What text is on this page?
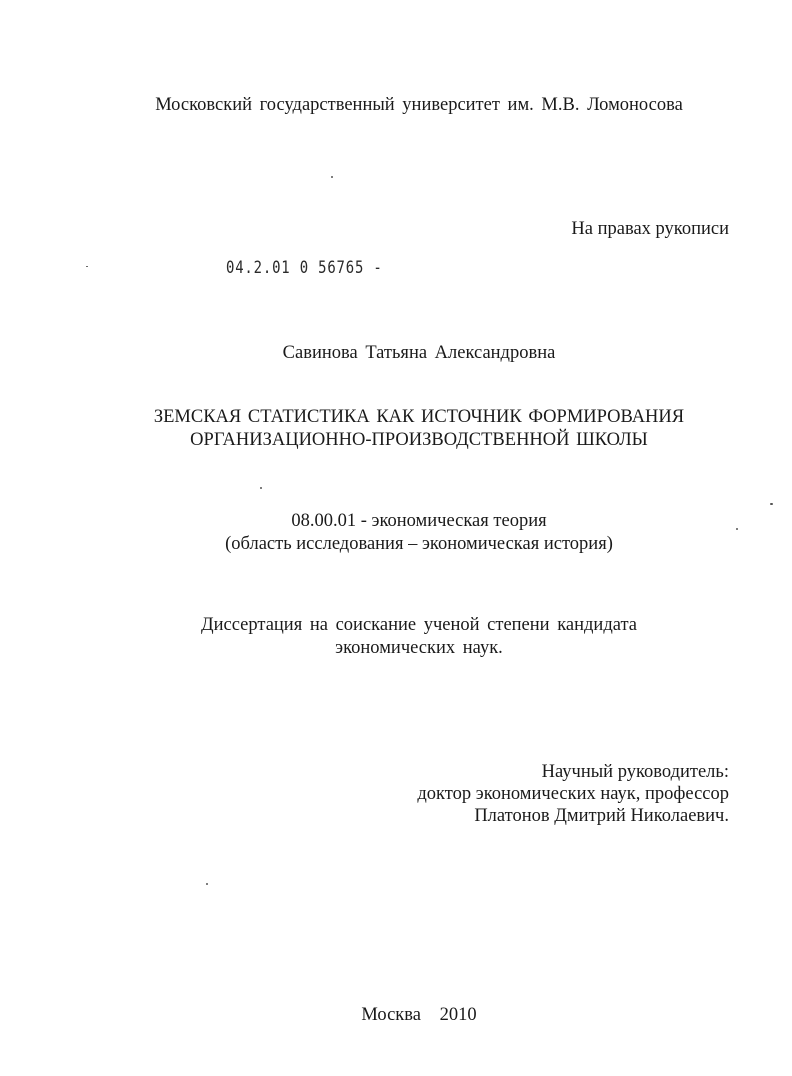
Московский государственный университет им. М.В. Ломоносова

На правах рукописи

04.2.01 0 56765 -

Савинова Татьяна Александровна

ЗЕМСКАЯ СТАТИСТИКА КАК ИСТОЧНИК ФОРМИРОВАНИЯ
ОРГАНИЗАЦИОННО-ПРОИЗВОДСТВЕННОЙ ШКОЛЫ
08.00.01 - экономическая теория
(область исследования – экономическая история)
Диссертация на соискание ученой степени кандидата
экономических наук.
Научный руководитель:
доктор экономических наук, профессор
Платонов Дмитрий Николаевич.

Москва 2010
